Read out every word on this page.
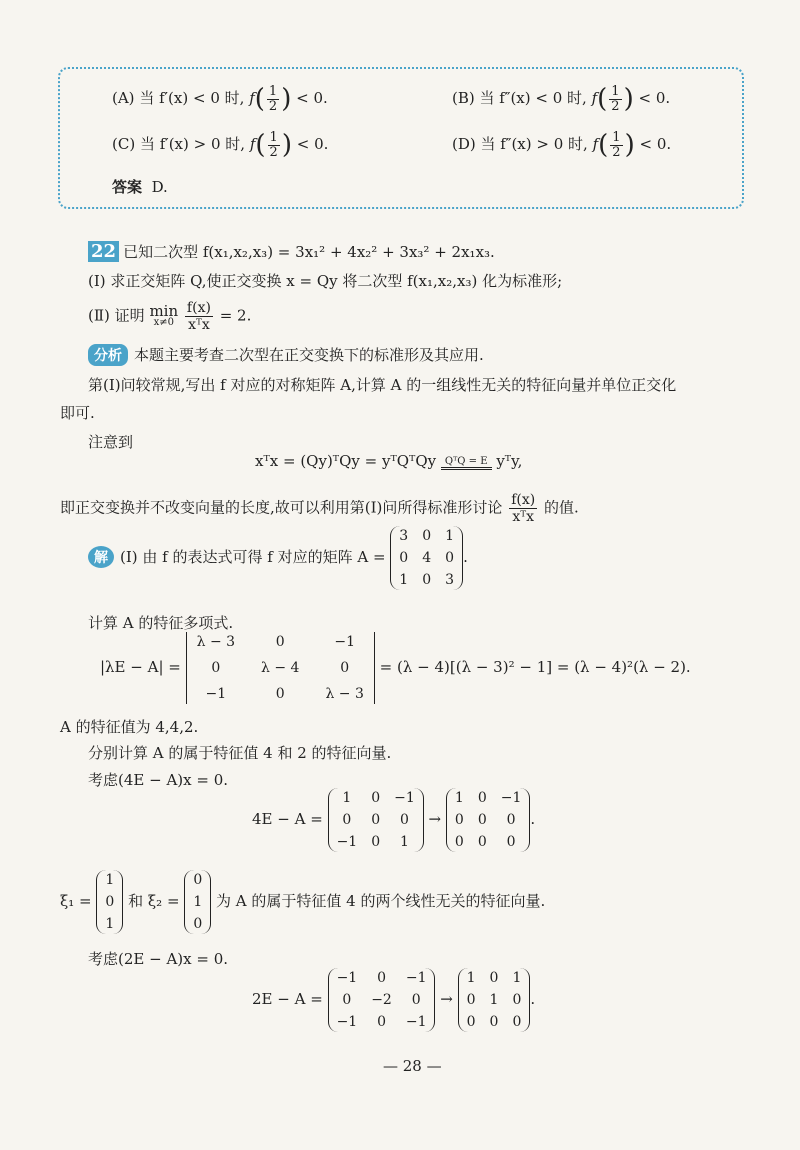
(A) 当 f′(x) < 0 时, $f( \frac{1}{2}$ ) < 0.	(B) 当 f″(x) < 0 时, $f( \frac{1}{2}$ ) < 0.
(C) 当 f′(x) > 0 时, $f( \frac{1}{2}$ ) < 0.	(D) 当 f″(x) > 0 时, $f( \frac{1}{2}$ ) < 0.
答案 D.
22 已知二次型 f(x₁,x₂,x₃) = 3x₁² + 4x₂² + 3x₃² + 2x₁x₃.
(Ⅰ) 求正交矩阵 Q,使正交变换 x = Qy 将二次型 f(x₁,x₂,x₃) 化为标准形;
(Ⅱ) 证明 min
x≠0
$\frac{f(x)}{\text{xᵀx}} = 2$.
分析 本题主要考查二次型在正交变换下的标准形及其应用.
第(Ⅰ)问较常规,写出 f 对应的对称矩阵 A,计算 A 的一组线性无关的特征向量并单位正交化
即可.
注意到
xᵀx = (Qy)ᵀQy = yᵀQᵀQy QᵀQ = E yᵀy,
即正交变换并不改变向量的长度,故可以利用第(Ⅰ)问所得标准形讨论 $\frac{f(x)}{\text{xᵀx}}$ 的值.
解 (Ⅰ) 由 f 的表达式可得 f 对应的矩阵 A =
3 0 1
0 4 0
1 0 3
.
计算 A 的特征多项式.
|λE − A| =
λ − 3	0	−1
0	λ − 4	0
−1	0	λ − 3
= (λ − 4)[(λ − 3)² − 1] = (λ − 4)²(λ − 2).
A 的特征值为 4,4,2.
分别计算 A 的属于特征值 4 和 2 的特征向量.
考虑(4E − A)x = 0.
4E − A =
1	0 −1
0	0	0
−1 0	1
→
1 0 −1
0 0	0
0 0	0
.
ξ₁ =
1
0
1
和 ξ₂ =
0
1
0
为 A 的属于特征值 4 的两个线性无关的特征向量.
考虑(2E − A)x = 0.
2E − A =
−1	0	−1
0	−2	0
−1	0	−1
→
1 0 1
0 1 0
0 0 0
.
— 28 —
